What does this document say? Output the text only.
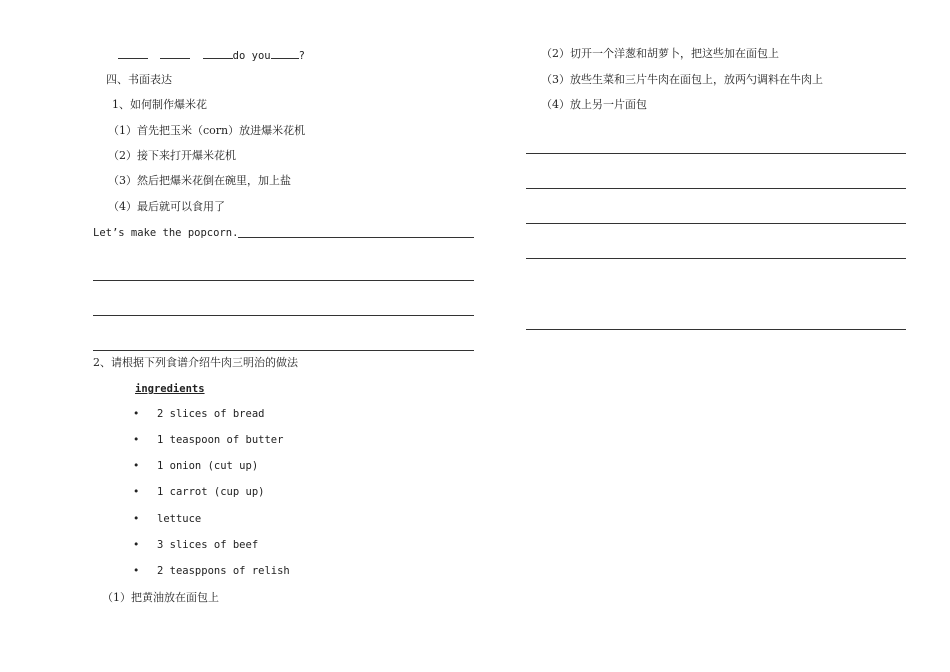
do you	?
四、书面表达
1、如何制作爆米花
（1）首先把玉米（corn）放进爆米花机
（2）接下来打开爆米花机
（3）然后把爆米花倒在碗里，加上盐
（4）最后就可以食用了
Let’s make the popcorn.
2、请根据下列食谱介绍牛肉三明治的做法
ingredients
• 2 slices of bread
• 1 teaspoon of butter
• 1 onion (cut up)
• 1 carrot (cup up)
• lettuce
• 3 slices of beef
• 2 teasppons of relish
（1）把黄油放在面包上
（2）切开一个洋葱和胡萝卜，把这些加在面包上
（3）放些生菜和三片牛肉在面包上，放两勺调料在牛肉上
（4）放上另一片面包
